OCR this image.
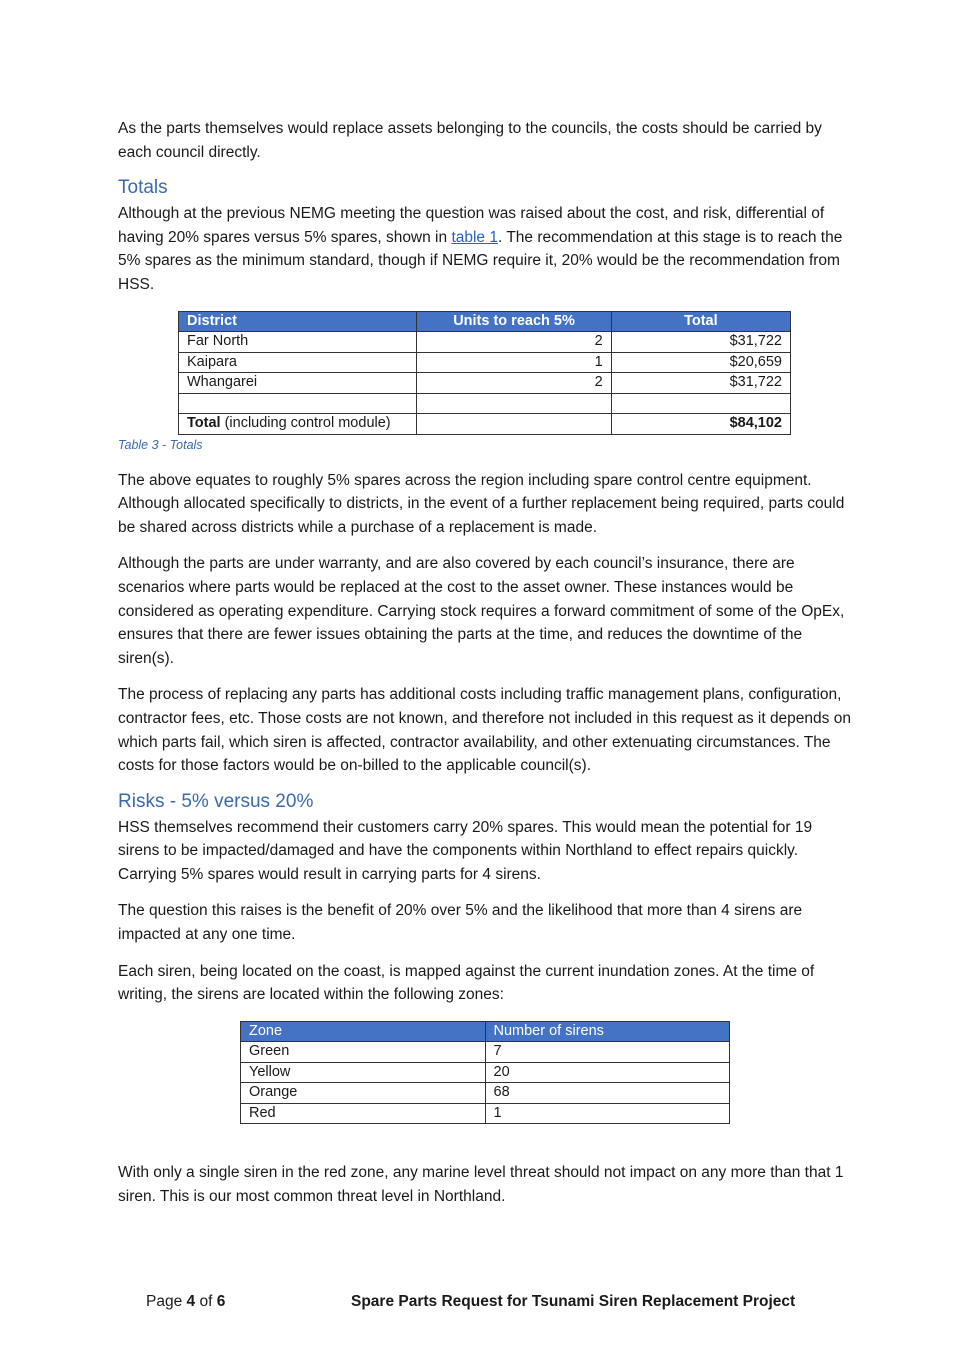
As the parts themselves would replace assets belonging to the councils, the costs should be carried by each council directly.

Totals

Although at the previous NEMG meeting the question was raised about the cost, and risk, differential of having 20% spares versus 5% spares, shown in table 1. The recommendation at this stage is to reach the 5% spares as the minimum standard, though if NEMG require it, 20% would be the recommendation from HSS.

District	Units to reach 5%	Total
Far North	2	$31,722
Kaipara	1	$20,659
Whangarei	2	$31,722

Total (including control module)		$84,102
Table 3 - Totals

The above equates to roughly 5% spares across the region including spare control centre equipment. Although allocated specifically to districts, in the event of a further replacement being required, parts could be shared across districts while a purchase of a replacement is made.

Although the parts are under warranty, and are also covered by each council’s insurance, there are scenarios where parts would be replaced at the cost to the asset owner. These instances would be considered as operating expenditure. Carrying stock requires a forward commitment of some of the OpEx, ensures that there are fewer issues obtaining the parts at the time, and reduces the downtime of the siren(s).

The process of replacing any parts has additional costs including traffic management plans, configuration, contractor fees, etc. Those costs are not known, and therefore not included in this request as it depends on which parts fail, which siren is affected, contractor availability, and other extenuating circumstances. The costs for those factors would be on-billed to the applicable council(s).

Risks - 5% versus 20%

HSS themselves recommend their customers carry 20% spares. This would mean the potential for 19 sirens to be impacted/damaged and have the components within Northland to effect repairs quickly. Carrying 5% spares would result in carrying parts for 4 sirens.

The question this raises is the benefit of 20% over 5% and the likelihood that more than 4 sirens are impacted at any one time.

Each siren, being located on the coast, is mapped against the current inundation zones. At the time of writing, the sirens are located within the following zones:

Zone	Number of sirens
Green	7
Yellow	20
Orange	68
Red	1

With only a single siren in the red zone, any marine level threat should not impact on any more than that 1 siren. This is our most common threat level in Northland.

Page 4 of 6	Spare Parts Request for Tsunami Siren Replacement Project
